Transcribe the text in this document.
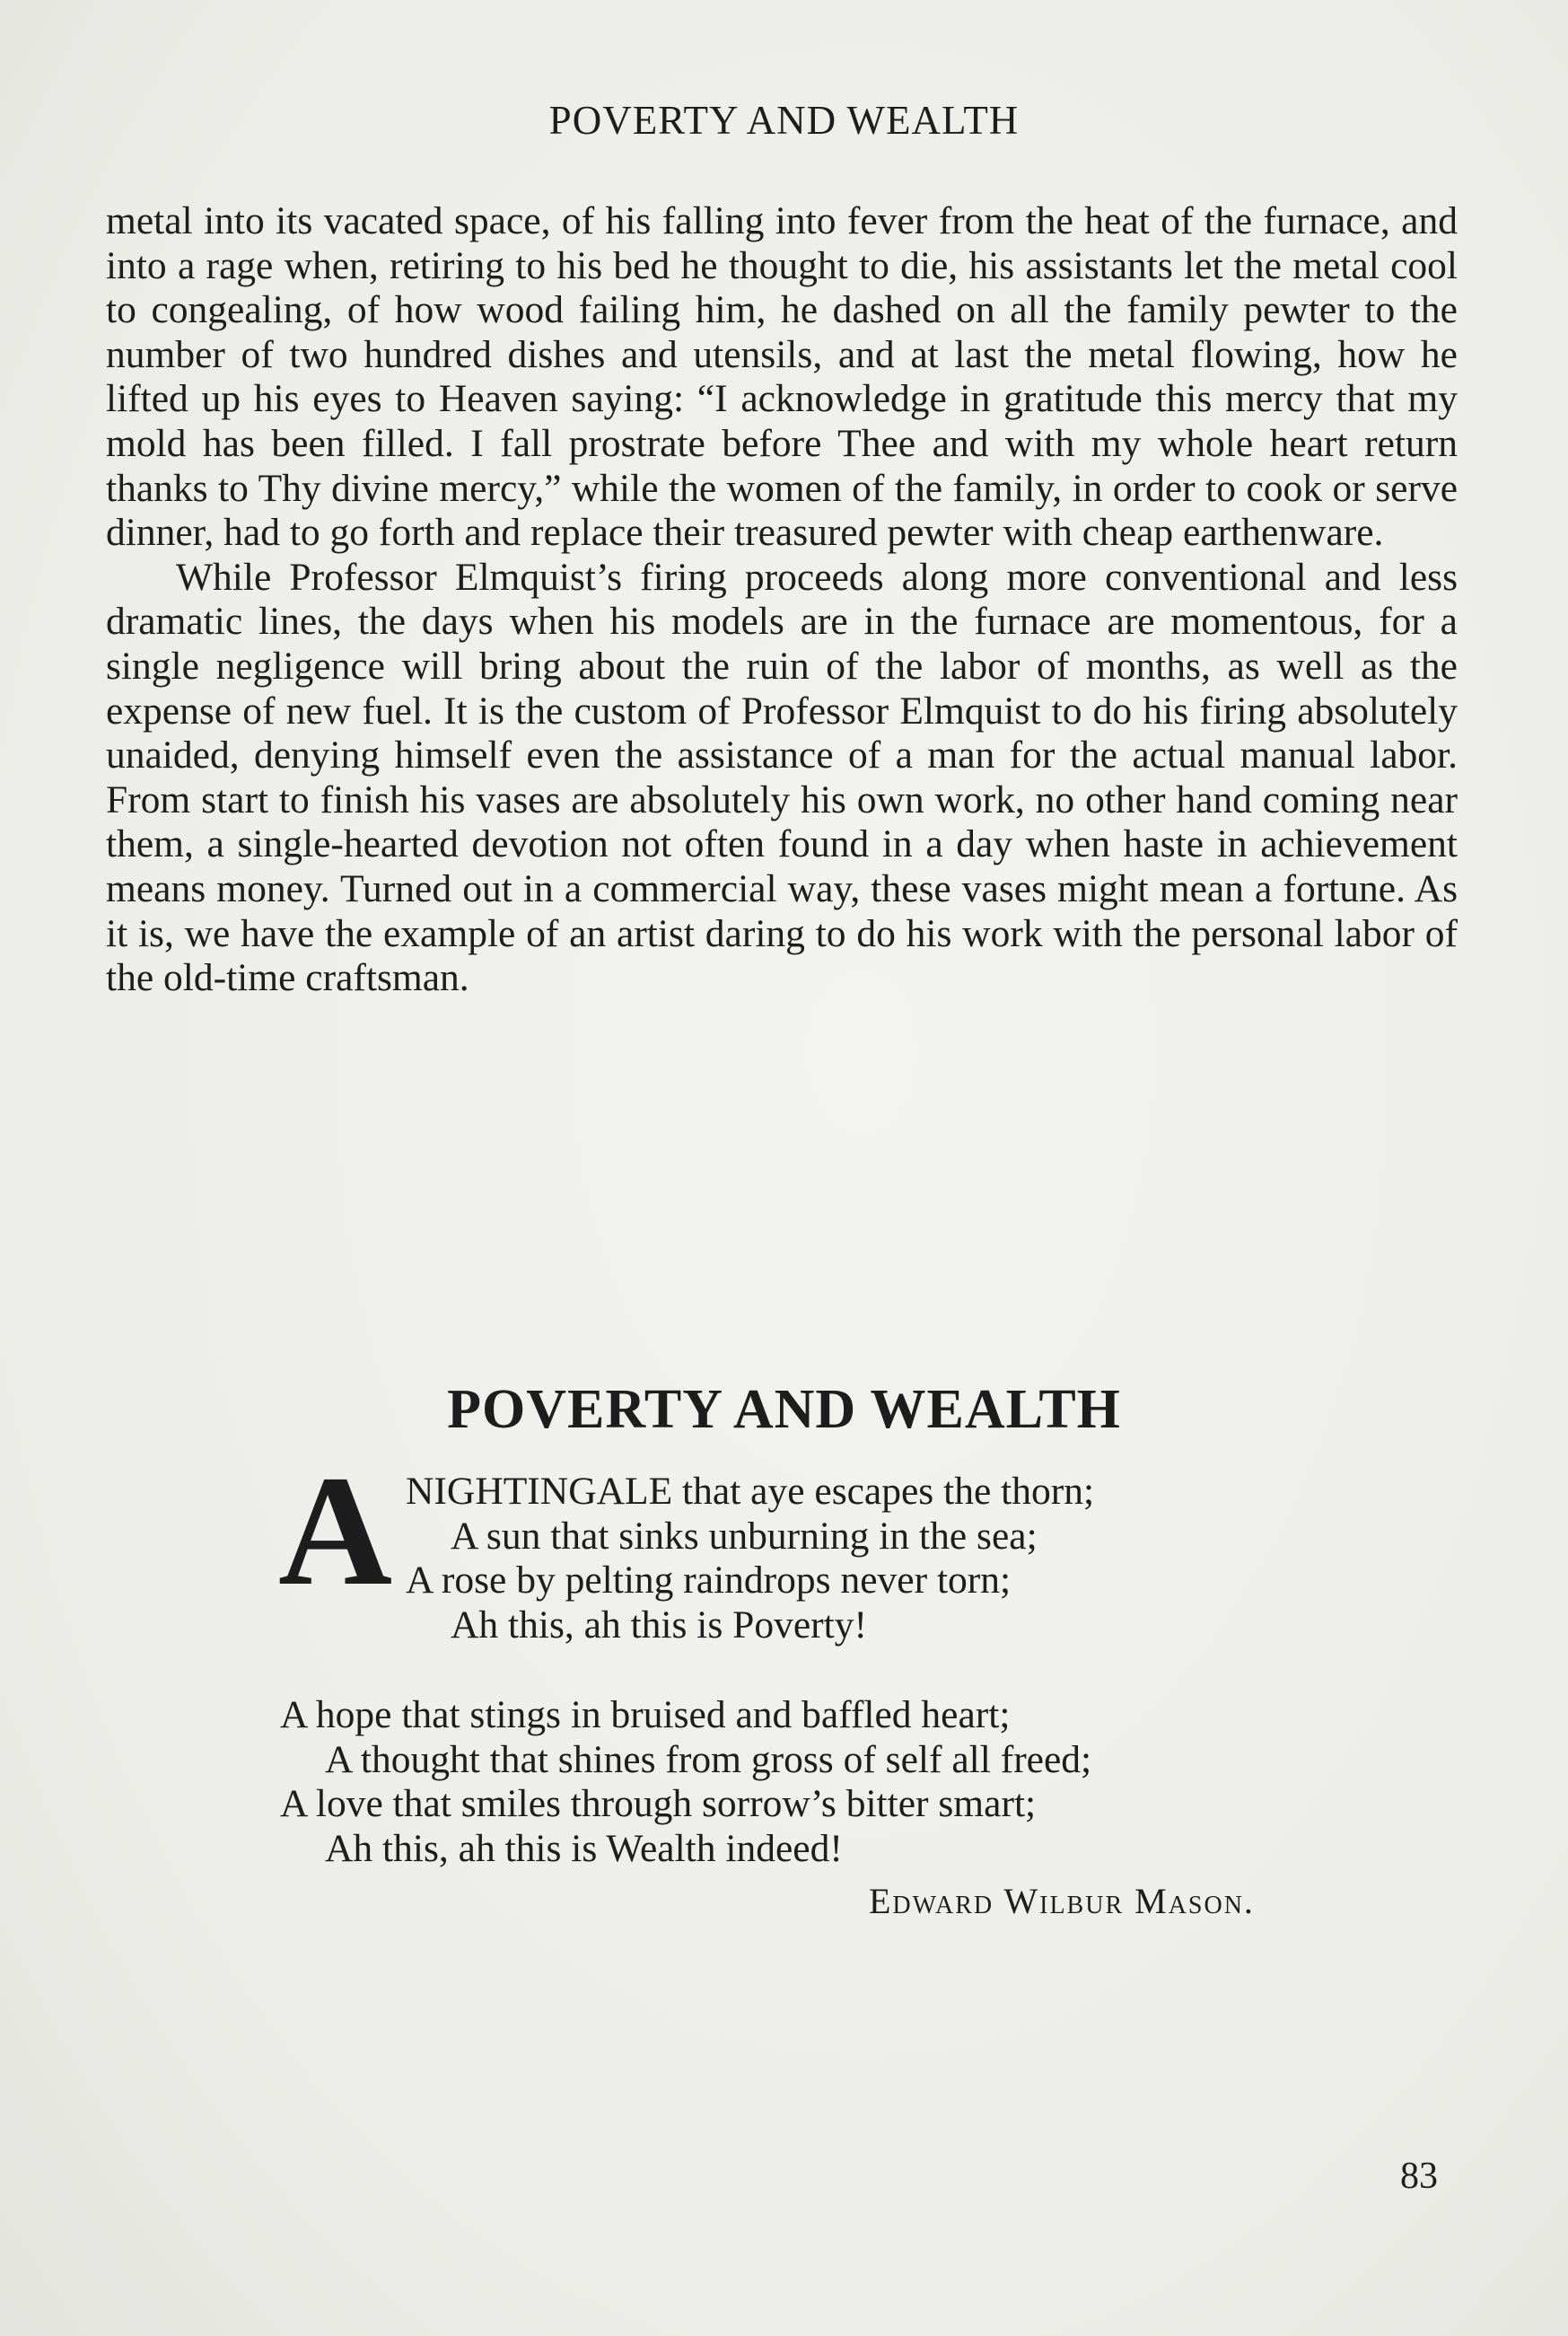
POVERTY AND WEALTH

metal into its vacated space, of his falling into fever from the heat of the furnace, and into a rage when, retiring to his bed he thought to die, his assistants let the metal cool to congealing, of how wood failing him, he dashed on all the family pewter to the number of two hundred dishes and utensils, and at last the metal flowing, how he lifted up his eyes to Heaven saying: “I acknowledge in gratitude this mercy that my mold has been filled. I fall prostrate before Thee and with my whole heart return thanks to Thy divine mercy,” while the women of the family, in order to cook or serve dinner, had to go forth and replace their treasured pewter with cheap earthenware.

While Professor Elmquist’s firing proceeds along more conventional and less dramatic lines, the days when his models are in the furnace are momentous, for a single negligence will bring about the ruin of the labor of months, as well as the expense of new fuel. It is the custom of Professor Elmquist to do his firing absolutely unaided, denying himself even the assistance of a man for the actual manual labor. From start to finish his vases are absolutely his own work, no other hand coming near them, a single-hearted devotion not often found in a day when haste in achievement means money. Turned out in a commercial way, these vases might mean a fortune. As it is, we have the example of an artist daring to do his work with the personal labor of the old-time craftsman.

POVERTY AND WEALTH
A NIGHTINGALE that aye escapes the thorn;
A sun that sinks unburning in the sea;
A rose by pelting raindrops never torn;
Ah this, ah this is Poverty!
A hope that stings in bruised and baffled heart;
A thought that shines from gross of self all freed;
A love that smiles through sorrow’s bitter smart;
Ah this, ah this is Wealth indeed!
Edward Wilbur Mason.
83
